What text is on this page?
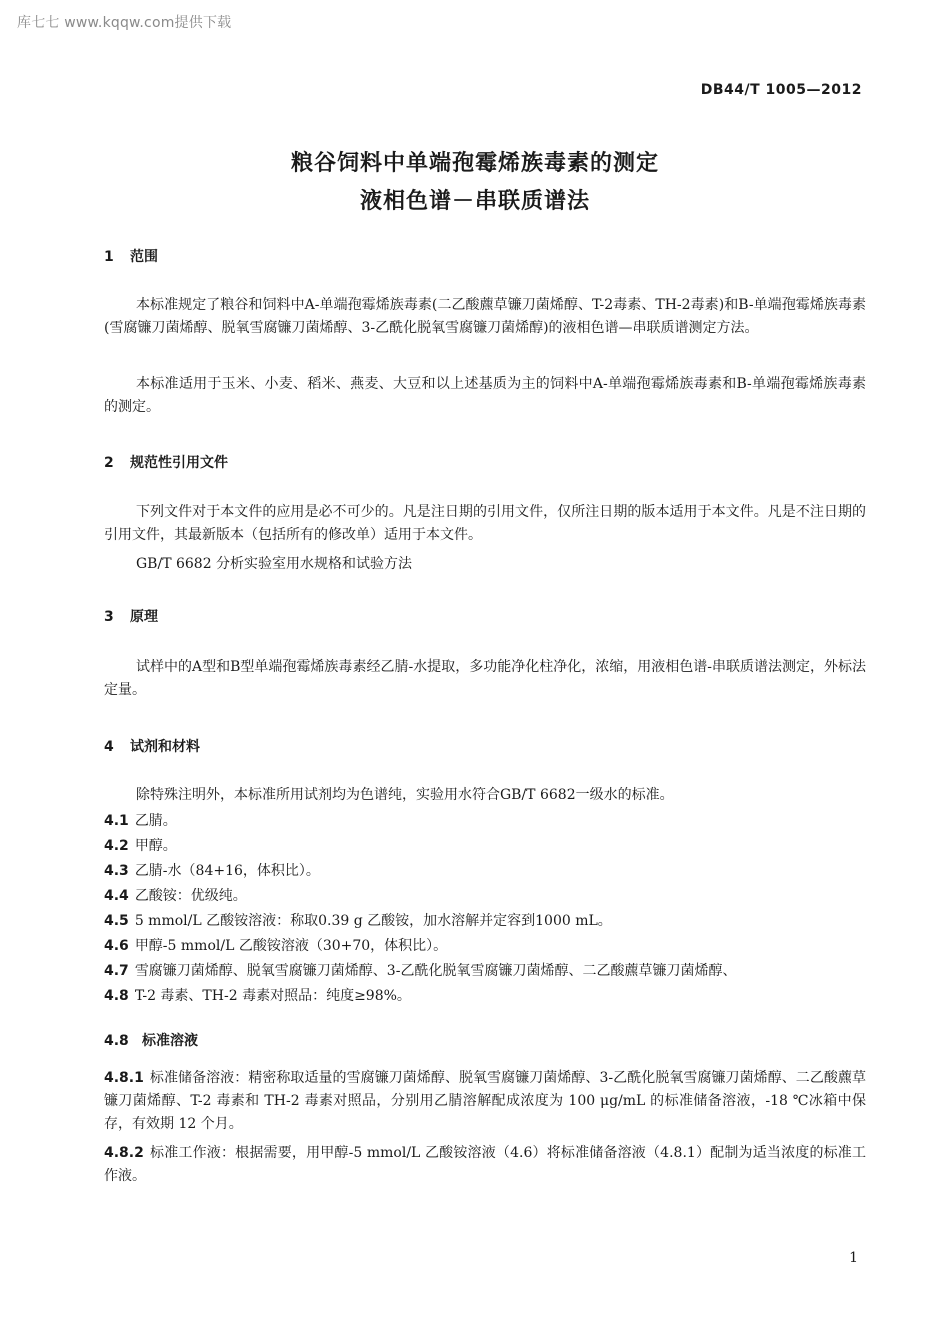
库七七 www.kqqw.com提供下载
DB44/T 1005—2012
粮谷饲料中单端孢霉烯族毒素的测定
液相色谱－串联质谱法
1 范围
本标准规定了粮谷和饲料中A-单端孢霉烯族毒素(二乙酸藨草镰刀菌烯醇、T-2毒素、TH-2毒素)和B-单端孢霉烯族毒素(雪腐镰刀菌烯醇、脱氧雪腐镰刀菌烯醇、3-乙酰化脱氧雪腐镰刀菌烯醇)的液相色谱—串联质谱测定方法。
本标准适用于玉米、小麦、稻米、燕麦、大豆和以上述基质为主的饲料中A-单端孢霉烯族毒素和B-单端孢霉烯族毒素的测定。
2 规范性引用文件
下列文件对于本文件的应用是必不可少的。凡是注日期的引用文件，仅所注日期的版本适用于本文件。凡是不注日期的引用文件，其最新版本（包括所有的修改单）适用于本文件。
GB/T 6682 分析实验室用水规格和试验方法
3 原理
试样中的A型和B型单端孢霉烯族毒素经乙腈-水提取，多功能净化柱净化，浓缩，用液相色谱-串联质谱法测定，外标法定量。
4 试剂和材料
除特殊注明外，本标准所用试剂均为色谱纯，实验用水符合GB/T 6682一级水的标准。
4.1 乙腈。
4.2 甲醇。
4.3 乙腈-水（84+16，体积比）。
4.4 乙酸铵：优级纯。
4.5 5 mmol/L 乙酸铵溶液：称取0.39 g 乙酸铵，加水溶解并定容到1000 mL。
4.6 甲醇-5 mmol/L 乙酸铵溶液（30+70，体积比）。
4.7 雪腐镰刀菌烯醇、脱氧雪腐镰刀菌烯醇、3-乙酰化脱氧雪腐镰刀菌烯醇、二乙酸藨草镰刀菌烯醇、
4.8 T-2 毒素、TH-2 毒素对照品：纯度≥98%。
4.8 标准溶液
4.8.1 标准储备溶液：精密称取适量的雪腐镰刀菌烯醇、脱氧雪腐镰刀菌烯醇、3-乙酰化脱氧雪腐镰刀菌烯醇、二乙酸藨草镰刀菌烯醇、T-2 毒素和 TH-2 毒素对照品，分别用乙腈溶解配成浓度为 100 μg/mL 的标准储备溶液，-18 ℃冰箱中保存，有效期 12 个月。
4.8.2 标准工作液：根据需要，用甲醇-5 mmol/L 乙酸铵溶液（4.6）将标准储备溶液（4.8.1）配制为适当浓度的标准工作液。
1
